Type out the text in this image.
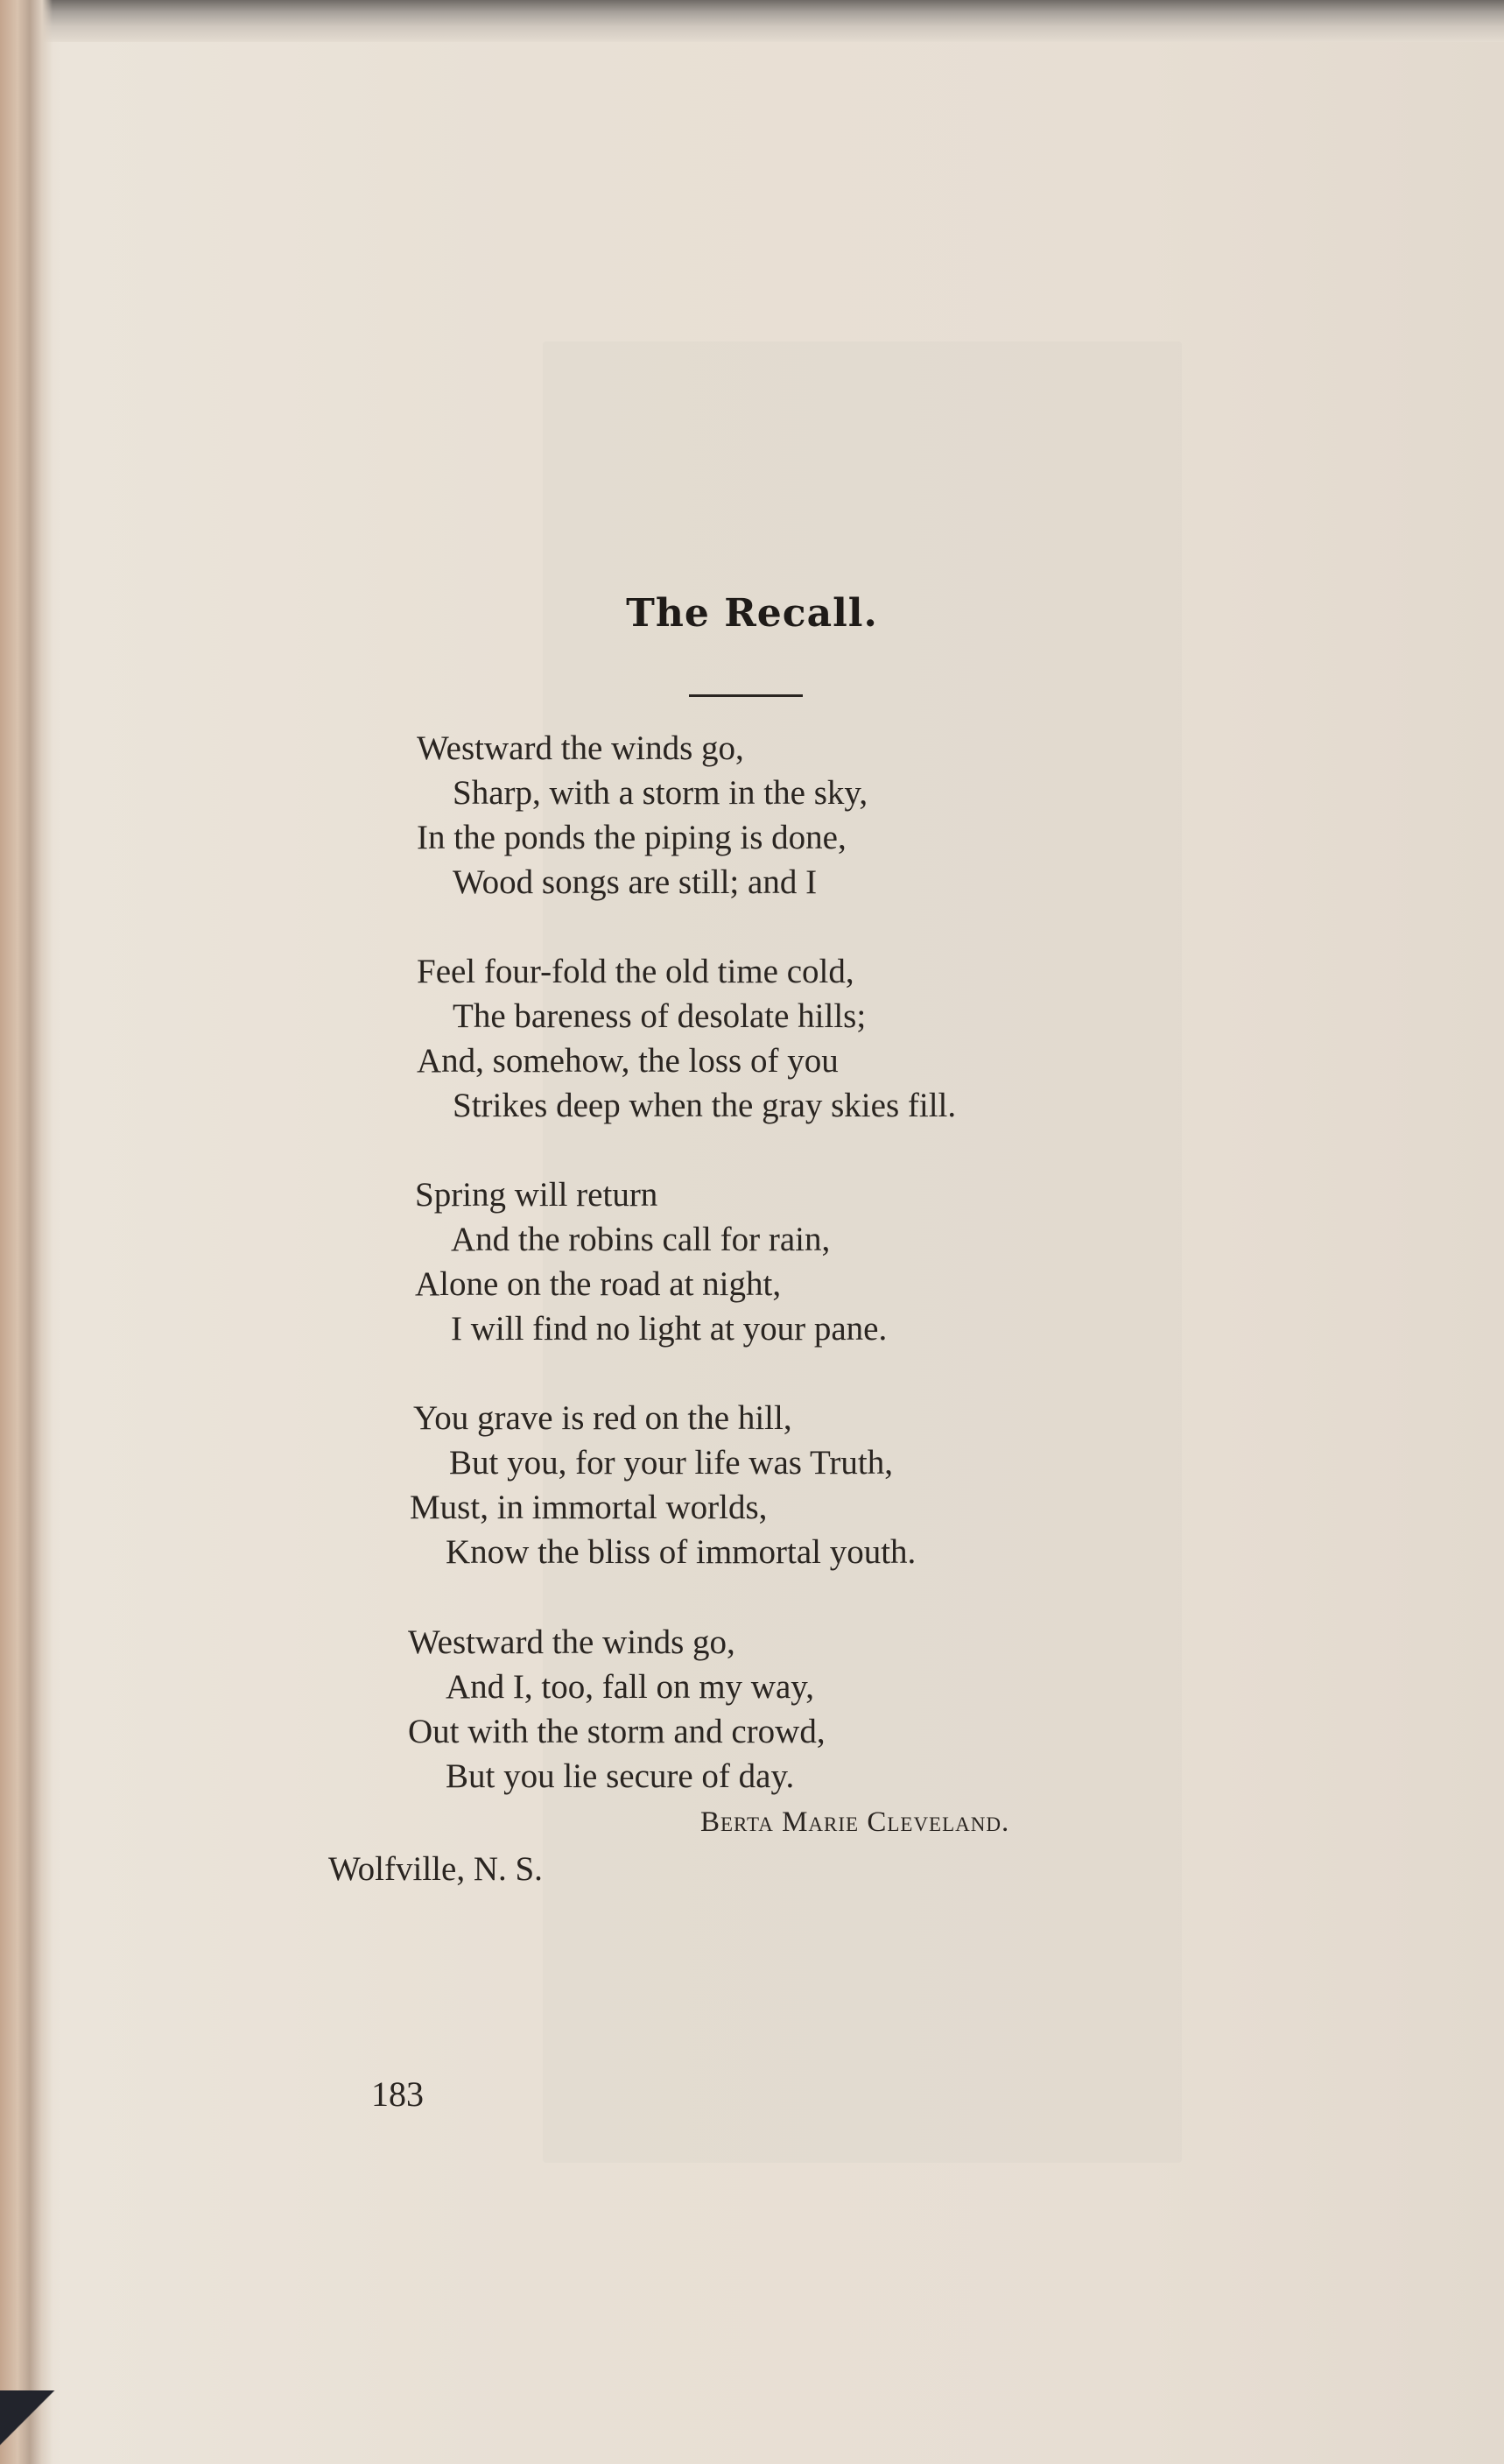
The Recall.
Westward the winds go,
Sharp, with a storm in the sky,
In the ponds the piping is done,
Wood songs are still; and I
Feel four-fold the old time cold,
The bareness of desolate hills;
And, somehow, the loss of you
Strikes deep when the gray skies fill.
Spring will return
And the robins call for rain,
Alone on the road at night,
I will find no light at your pane.
You grave is red on the hill,
But you, for your life was Truth,
Must, in immortal worlds,
Know the bliss of immortal youth.
Westward the winds go,
And I, too, fall on my way,
Out with the storm and crowd,
But you lie secure of day.
Berta Marie Cleveland.
Wolfville, N. S.
183
